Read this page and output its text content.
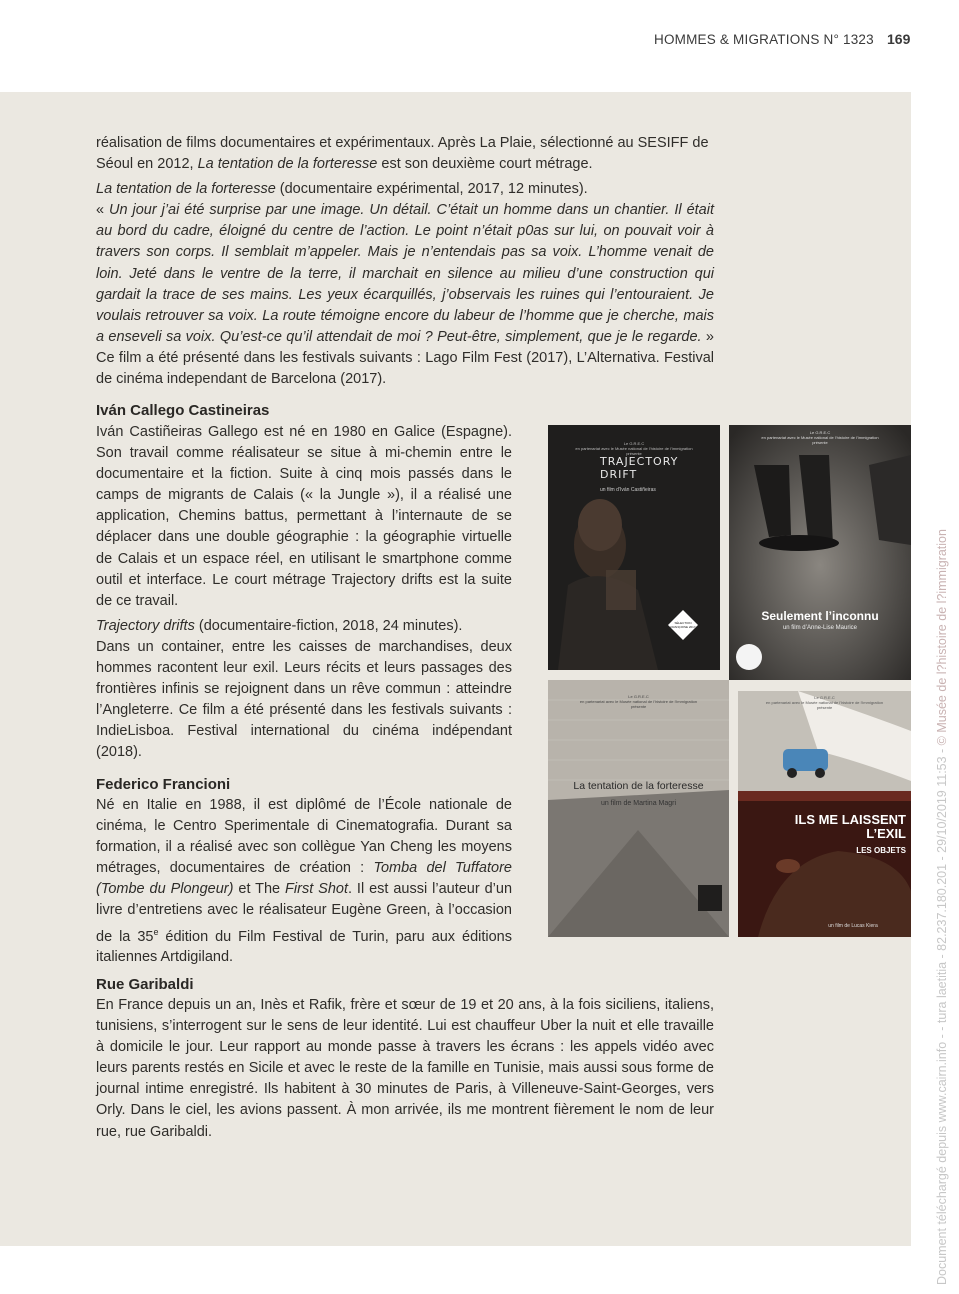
HOMMES & MIGRATIONS N° 1323 169

réalisation de films documentaires et expérimentaux. Après La Plaie, sélectionné au SESIFF de Séoul en 2012, La tentation de la forteresse est son deuxième court métrage.

La tentation de la forteresse (documentaire expérimental, 2017, 12 minutes).

« Un jour j’ai été surprise par une image. Un détail. C’était un homme dans un chantier. Il était au bord du cadre, éloigné du centre de l’action. Le point n’était p0as sur lui, on pouvait voir à travers son corps. Il semblait m’appeler. Mais je n’entendais pas sa voix. L’homme venait de loin. Jeté dans le ventre de la terre, il marchait en silence au milieu d’une construction qui gardait la trace de ses mains. Les yeux écarquillés, j’observais les ruines qui l’entouraient. Je voulais retrouver sa voix. La route témoigne encore du labeur de l’homme que je cherche, mais a enseveli sa voix. Qu’est-ce qu’il attendait de moi ? Peut-être, simplement, que je le regarde. » Ce film a été présenté dans les festivals suivants : Lago Film Fest (2017), L’Alternativa. Festival de cinéma independant de Barcelona (2017).

Iván Callego Castineiras

Iván Castiñeiras Gallego est né en 1980 en Galice (Espagne). Son travail comme réalisateur se situe à mi-chemin entre le documentaire et la fiction. Suite à cinq mois passés dans le camps de migrants de Calais (« la Jungle »), il a réalisé une application, Chemins battus, permettant à l’internaute de se déplacer dans une double géographie : la géographie virtuelle de Calais et un espace réel, en utilisant le smartphone comme outil et interface. Le court métrage Trajectory drifts est la suite de ce travail.

Trajectory drifts (documentaire-fiction, 2018, 24 minutes).

Dans un container, entre les caisses de marchandises, deux hommes racontent leur exil. Leurs récits et leurs passages des frontières infinis se rejoignent dans un rêve commun : atteindre l’Angleterre. Ce film a été présenté dans les festivals suivants : IndieLisboa. Festival international du cinéma indépendant (2018).

Federico Francioni

Né en Italie en 1988, il est diplômé de l’École nationale de cinéma, le Centro Sperimentale di Cinematografia. Durant sa formation, il a réalisé avec son collègue Yan Cheng les moyens métrages, documentaires de création : Tomba del Tuffatore (Tombe du Plongeur) et The First Shot. Il est aussi l’auteur d’un livre d’entretiens avec le réalisateur Eugène Green, à l’occasion de la 35e édition du Film Festival de Turin, paru aux éditions italiennes Artdigiland.

Rue Garibaldi

En France depuis un an, Inès et Rafik, frère et sœur de 19 et 20 ans, à la fois siciliens, italiens, tunisiens, s’interrogent sur le sens de leur identité. Lui est chauffeur Uber la nuit et elle travaille à domicile le jour. Leur rapport au monde passe à travers les écrans : les appels vidéo avec leurs parents restés en Sicile et avec le reste de la famille en Tunisie, mais aussi sous forme de journal intime enregistré. Ils habitent à 30 minutes de Paris, à Villeneuve-Saint-Georges, vers Orly. Dans le ciel, les avions passent. À mon arrivée, ils me montrent fièrement le nom de leur rue, rue Garibaldi.

Le G.R.E.C
en partenariat avec le Musée national de l’histoire de l’immigration
présente
TRAJECTORY DRIFT
un film d’Iván Castiñeiras
SÉLECTION FRANÇOISE 2017
Le G.R.E.C
en partenariat avec le Musée national de l’histoire de l’immigration
présente
Seulement l’inconnu
un film d’Anne-Lise Maurice
Le G.R.E.C
en partenariat avec le Musée national de l’histoire de l’immigration
présente
La tentation de la forteresse
un film de Martina Magri
Le G.R.E.C
en partenariat avec le Musée national de l’histoire de l’immigration
présente
ILS ME LAISSENT
L’EXIL
LES OBJETS
un film de Lucas Kiera	Document téléchargé depuis www.cairn.info - - tura laetitia - 82.237.180.201 - 29/10/2019 11:53 - © Musée de l?histoire de l?immigration
